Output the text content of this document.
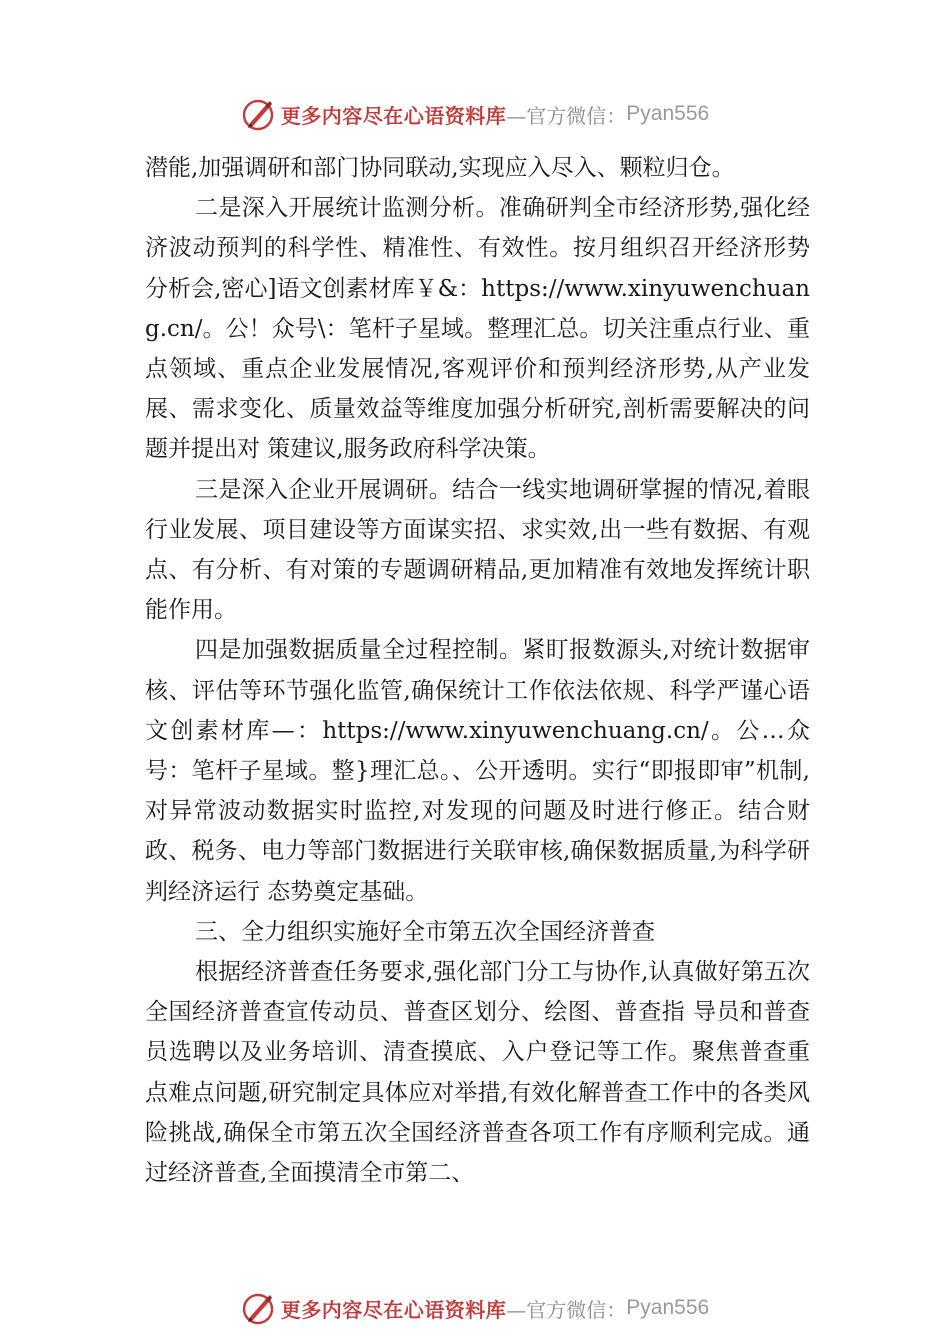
更多内容尽在心语资料库 —官方微信： Pyan556

潜能,加强调研和部门协同联动,实现应入尽入、颗粒归仓。

二是深入开展统计监测分析。准确研判全市经济形势,强化经济波动预判的科学性、精准性、有效性。按月组织召开经济形势分析会,密心]语文创素材库￥&：https://www.xinyuwenchuang.cn/。公！众号\：笔杆子星域。整理汇总。切关注重点行业、重点领域、重点企业发展情况,客观评价和预判经济形势,从产业发展、需求变化、质量效益等维度加强分析研究,剖析需要解决的问题并提出对 策建议,服务政府科学决策。

三是深入企业开展调研。结合一线实地调研掌握的情况,着眼行业发展、项目建设等方面谋实招、求实效,出一些有数据、有观点、有分析、有对策的专题调研精品,更加精准有效地发挥统计职能作用。

四是加强数据质量全过程控制。紧盯报数源头,对统计数据审核、评估等环节强化监管,确保统计工作依法依规、科学严谨心语文创素材库—：https://www.xinyuwenchuang.cn/。公…众号：笔杆子星域。整}理汇总。、公开透明。实行“即报即审”机制,对异常波动数据实时监控,对发现的问题及时进行修正。结合财政、税务、电力等部门数据进行关联审核,确保数据质量,为科学研判经济运行 态势奠定基础。

三、全力组织实施好全市第五次全国经济普查

根据经济普查任务要求,强化部门分工与协作,认真做好第五次全国经济普查宣传动员、普查区划分、绘图、普查指 导员和普查员选聘以及业务培训、清查摸底、入户登记等工作。聚焦普查重点难点问题,研究制定具体应对举措,有效化解普查工作中的各类风险挑战,确保全市第五次全国经济普查各项工作有序顺利完成。通过经济普查,全面摸清全市第二、

更多内容尽在心语资料库 —官方微信： Pyan556
